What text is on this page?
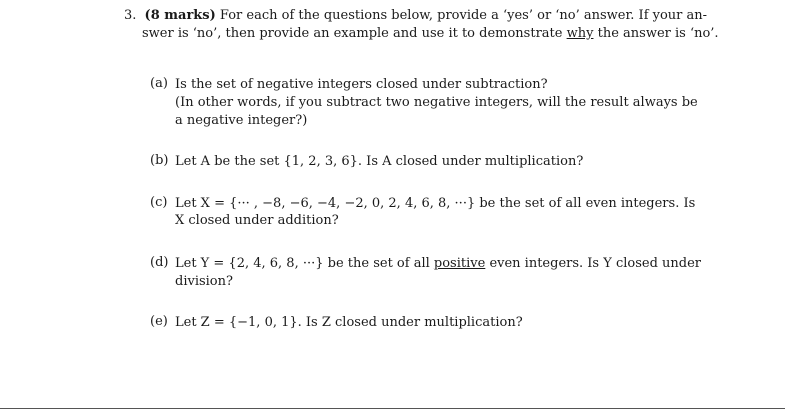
3. (8 marks) For each of the questions below, provide a ‘yes’ or ‘no’ answer. If your an-
swer is ‘no’, then provide an example and use it to demonstrate why the answer is ‘no’.
(a) Is the set of negative integers closed under subtraction?
(In other words, if you subtract two negative integers, will the result always be
a negative integer?)
(b) Let A be the set {1, 2, 3, 6}. Is A closed under multiplication?
(c) Let X = {··· , −8, −6, −4, −2, 0, 2, 4, 6, 8, ···} be the set of all even integers. Is
X closed under addition?
(d) Let Y = {2, 4, 6, 8, ···} be the set of all positive even integers. Is Y closed under
division?
(e) Let Z = {−1, 0, 1}. Is Z closed under multiplication?
